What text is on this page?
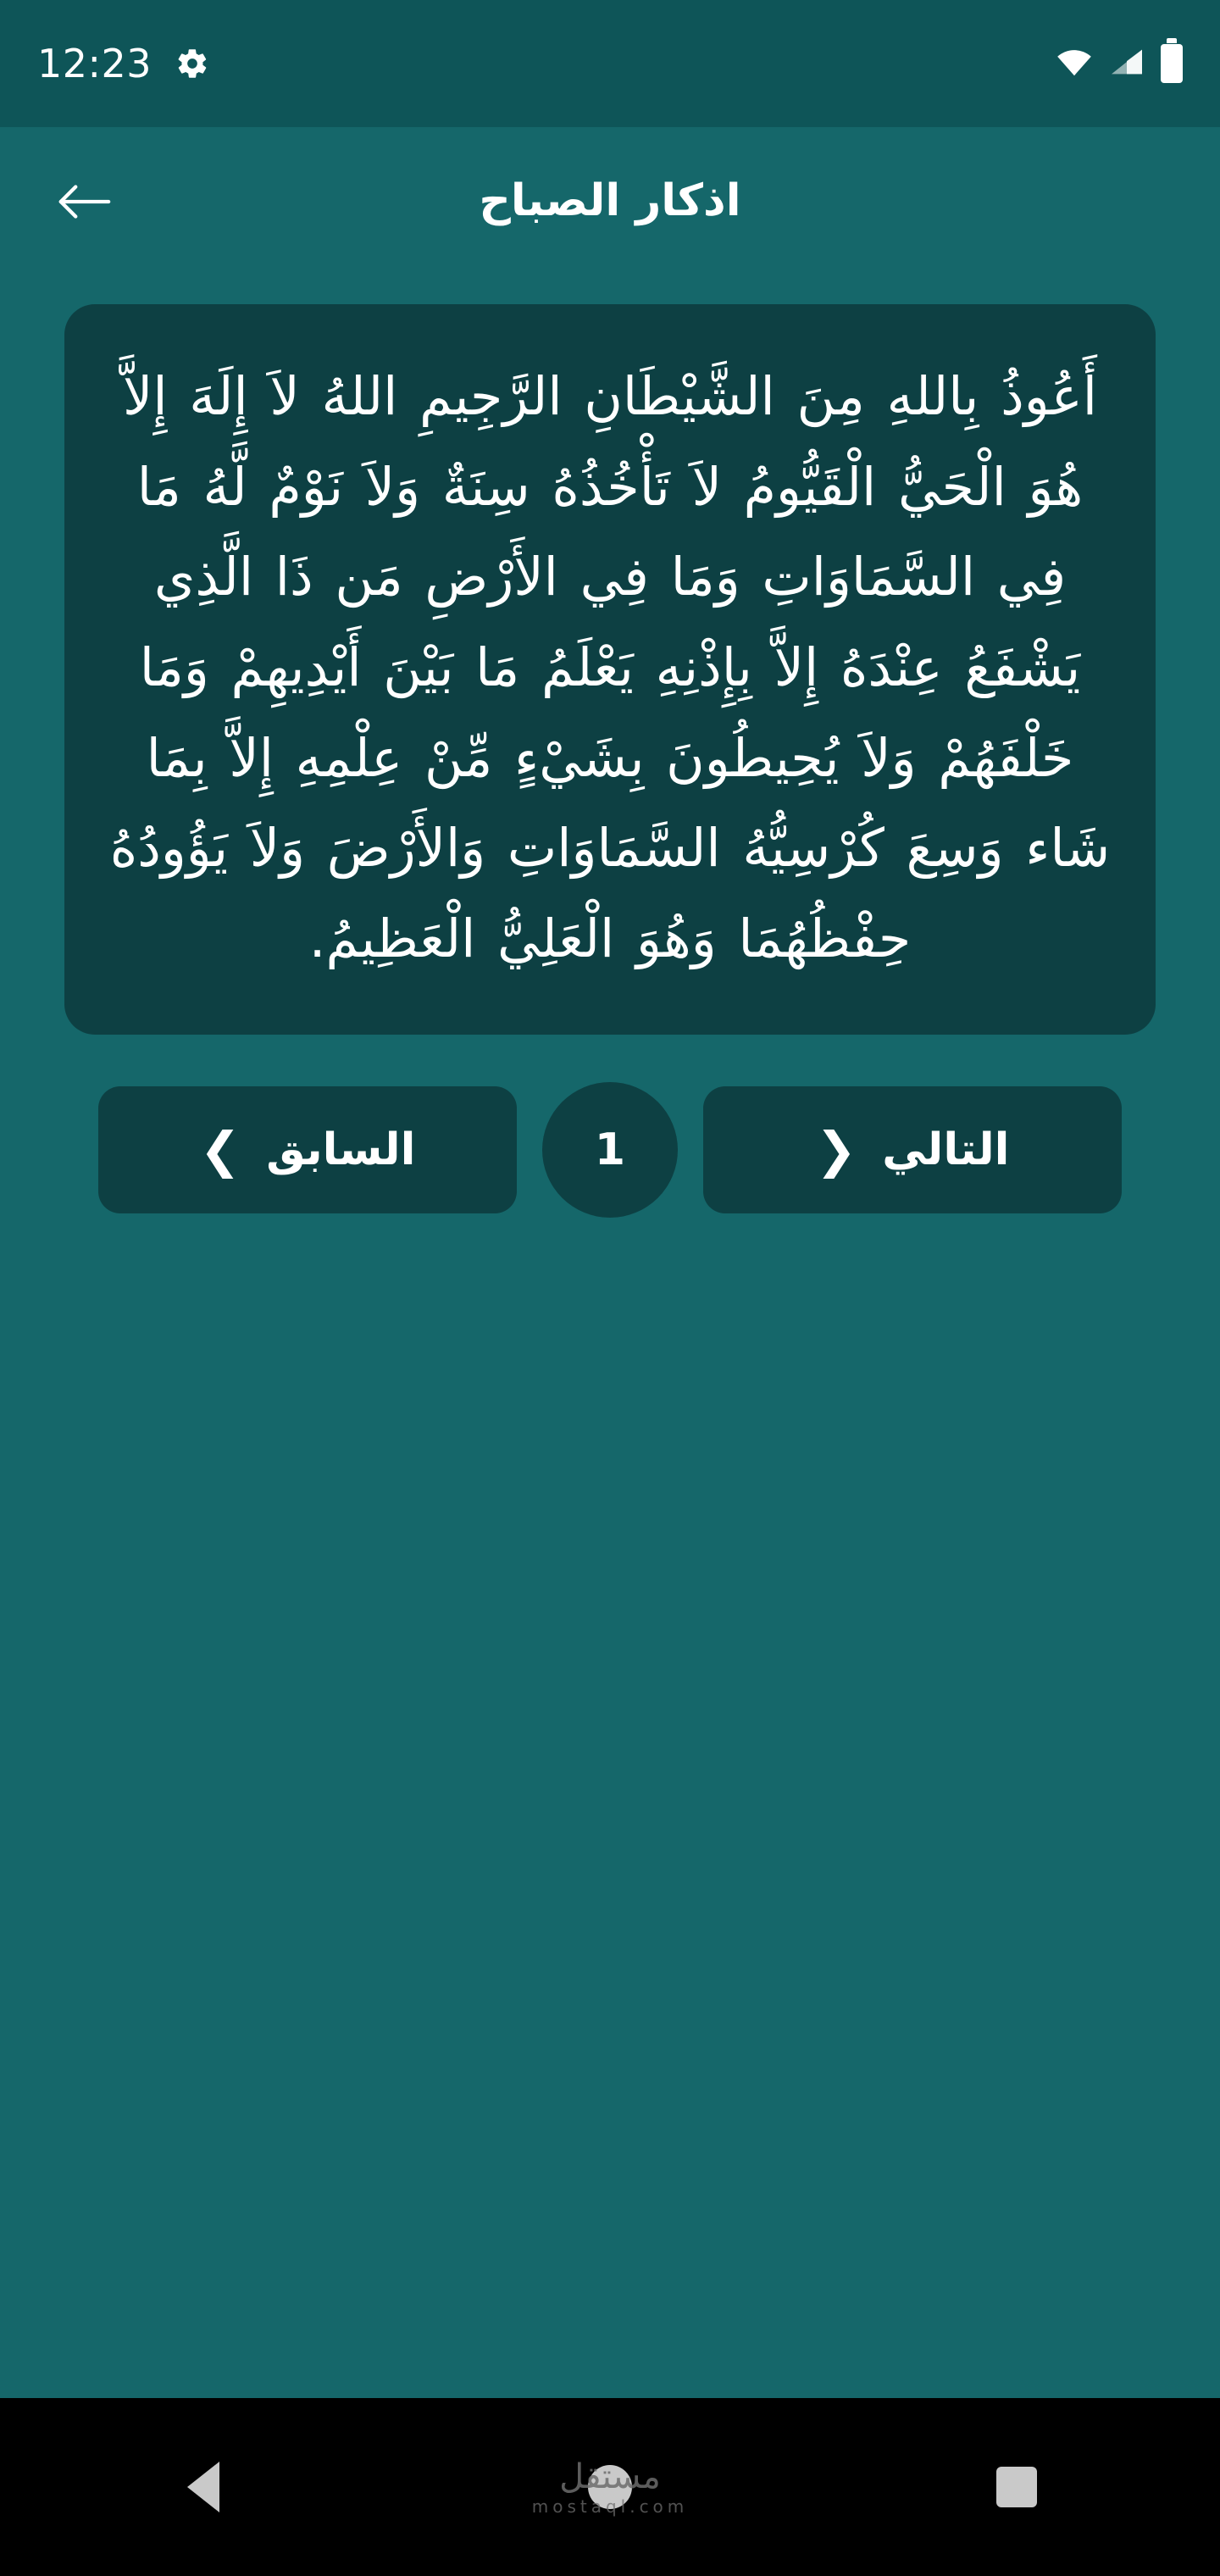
12:23
اذكار الصباح
أَعُوذُ بِاللهِ مِنَ الشَّيْطَانِ الرَّجِيمِ اللهُ لاَ إِلَهَ إِلاَّ هُوَ الْحَيُّ الْقَيُّومُ لاَ تَأْخُذُهُ سِنَةٌ وَلاَ نَوْمٌ لَّهُ مَا فِي السَّمَاوَاتِ وَمَا فِي الأَرْضِ مَن ذَا الَّذِي يَشْفَعُ عِنْدَهُ إِلاَّ بِإِذْنِهِ يَعْلَمُ مَا بَيْنَ أَيْدِيهِمْ وَمَا خَلْفَهُمْ وَلاَ يُحِيطُونَ بِشَيْءٍ مِّنْ عِلْمِهِ إِلاَّ بِمَا شَاء وَسِعَ كُرْسِيُّهُ السَّمَاوَاتِ وَالأَرْضَ وَلاَ يَؤُودُهُ حِفْظُهُمَا وَهُوَ الْعَلِيُّ الْعَظِيمُ.
السابق
❯	1	التالي
❮
مستقل
mostaql.com
